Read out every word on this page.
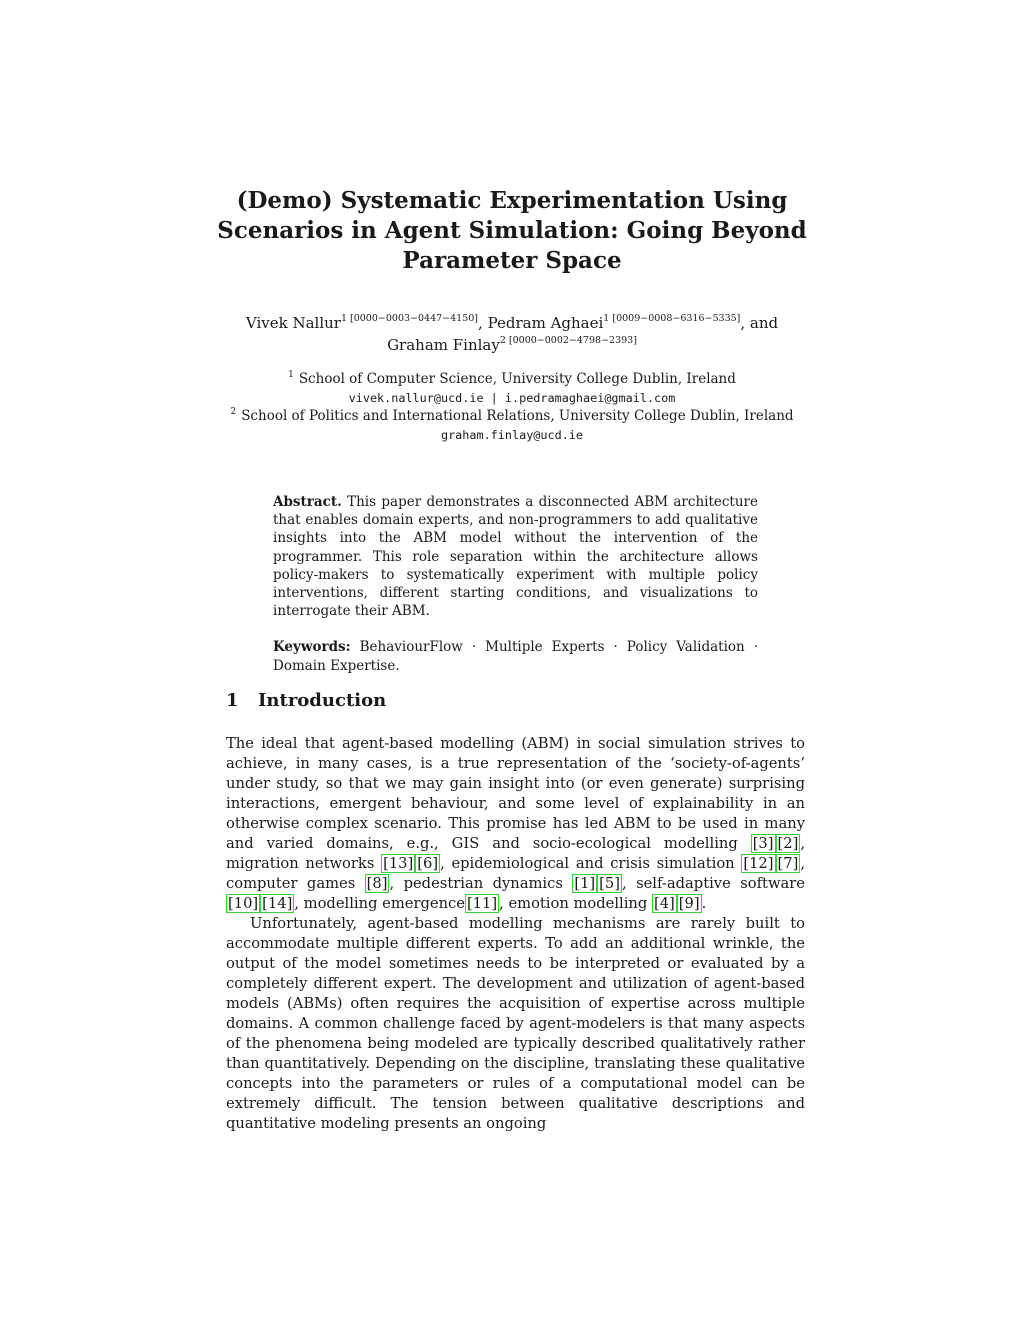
(Demo) Systematic Experimentation Using
Scenarios in Agent Simulation: Going Beyond
Parameter Space
Vivek Nallur$^{1 [0000-0003-0447-4150]}$, Pedram Aghaei$^{1 [0009-0008-6316-5335]}$, and
Graham Finlay$^{2 [0000-0002-4798-2393]}$
$^1$ School of Computer Science, University College Dublin, Ireland
vivek.nallur@ucd.ie | i.pedramaghaei@gmail.com
$^2$ School of Politics and International Relations, University College Dublin, Ireland
graham.finlay@ucd.ie

Abstract. This paper demonstrates a disconnected ABM architecture that enables domain experts, and non-programmers to add qualitative insights into the ABM model without the intervention of the programmer. This role separation within the architecture allows policy-makers to systematically experiment with multiple policy interventions, different starting conditions, and visualizations to interrogate their ABM.

Keywords: BehaviourFlow · Multiple Experts · Policy Validation · Domain Expertise.

1 Introduction

The ideal that agent-based modelling (ABM) in social simulation strives to achieve, in many cases, is a true representation of the ‘society-of-agents’ under study, so that we may gain insight into (or even generate) surprising interactions, emergent behaviour, and some level of explainability in an otherwise complex scenario. This promise has led ABM to be used in many and varied domains, e.g., GIS and socio-ecological modelling [3] [2] , migration networks [13] [6] , epidemiological and crisis simulation [12] [7] , computer games [8] , pedestrian dynamics [1] [5] , self-adaptive software [10] [14] , modelling emergence [11] , emotion modelling [4] [9] .

Unfortunately, agent-based modelling mechanisms are rarely built to accommodate multiple different experts. To add an additional wrinkle, the output of the model sometimes needs to be interpreted or evaluated by a completely different expert. The development and utilization of agent-based models (ABMs) often requires the acquisition of expertise across multiple domains. A common challenge faced by agent-modelers is that many aspects of the phenomena being modeled are typically described qualitatively rather than quantitatively. Depending on the discipline, translating these qualitative concepts into the parameters or rules of a computational model can be extremely difficult. The tension between qualitative descriptions and quantitative modeling presents an ongoing
